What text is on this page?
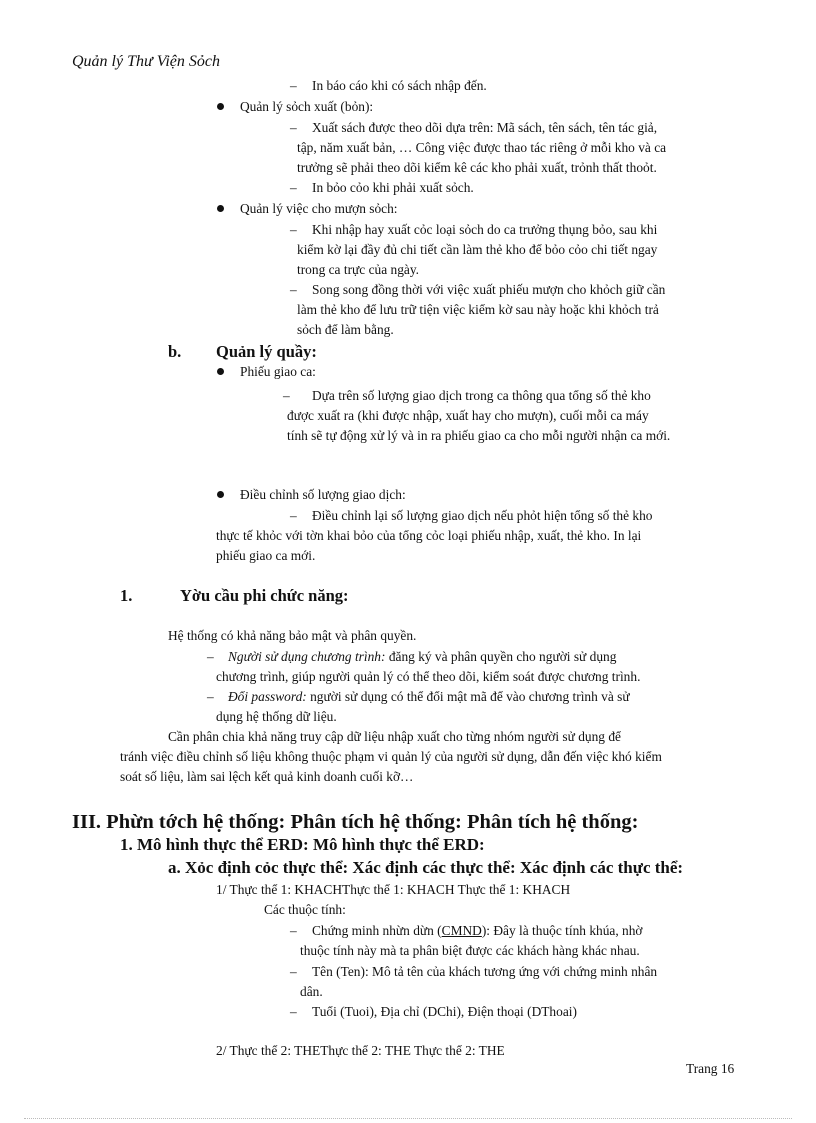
Quản lý Thư Viện Sỏch
– In báo cáo khi có sách nhập đến.
Quản lý sỏch xuất (bỏn):
– Xuất sách được theo dõi dựa trên: Mã sách, tên sách, tên tác giả,
tập, năm xuất bản, … Công việc được thao tác riêng ở mỗi kho và ca
trưởng sẽ phải theo dõi kiểm kê các kho phải xuất, trỏnh thất thoỏt.
– In bỏo cỏo khi phải xuất sỏch.
Quản lý việc cho mượn sỏch:
– Khi nhập hay xuất cỏc loại sỏch do ca trưởng thụng bỏo, sau khi
kiểm kờ lại đầy đủ chi tiết cần làm thẻ kho để bỏo cỏo chi tiết ngay
trong ca trực của ngày.
– Song song đồng thời với việc xuất phiếu mượn cho khỏch giữ cần
làm thẻ kho để lưu trữ tiện việc kiểm kờ sau này hoặc khi khỏch trả
sỏch để làm bằng.
b. Quản lý quầy:
Phiếu giao ca:
– Dựa trên số lượng giao dịch trong ca thông qua tổng số thẻ kho
được xuất ra (khi được nhập, xuất hay cho mượn), cuối mỗi ca máy
tính sẽ tự động xử lý và in ra phiếu giao ca cho mỗi người nhận ca mới.
Điều chỉnh số lượng giao dịch:
– Điều chỉnh lại số lượng giao dịch nếu phỏt hiện tổng số thẻ kho
thực tế khỏc với tờn khai bỏo của tổng cỏc loại phiếu nhập, xuất, thẻ kho. In lại
phiếu giao ca mới.
1.	Yờu cầu phi chức năng:
Hệ thống có khả năng bảo mật và phân quyền.
– Người sử dụng chương trình: đăng ký và phân quyền cho người sử dụng
chương trình, giúp người quản lý có thể theo dõi, kiểm soát được chương trình.
– Đổi password: người sử dụng có thể đổi mật mã để vào chương trình và sử
dụng hệ thống dữ liệu.
Cần phân chia khả năng truy cập dữ liệu nhập xuất cho từng nhóm người sử dụng để
tránh việc điều chỉnh số liệu không thuộc phạm vi quản lý của người sử dụng, dẫn đến việc khó kiểm
soát số liệu, làm sai lệch kết quả kinh doanh cuối kỡ…
III. Phừn tớch hệ thống: Phân tích hệ thống: Phân tích hệ thống:
1. Mô hình thực thể ERD: Mô hình thực thể ERD:
a. Xỏc định cỏc thực thể: Xác định các thực thể: Xác định các thực thể:
1/ Thực thể 1: KHACHThực thể 1: KHACH Thực thể 1: KHACH
Các thuộc tính:
– Chứng minh nhừn dừn (CMND): Đây là thuộc tính khúa, nhờ
thuộc tính này mà ta phân biệt được các khách hàng khác nhau.
– Tên (Ten): Mô tả tên của khách tương ứng với chứng minh nhân
dân.
– Tuổi (Tuoi), Địa chỉ (DChi), Điện thoại (DThoai)
2/ Thực thể 2: THEThực thể 2: THE Thực thể 2: THE
Trang 16
